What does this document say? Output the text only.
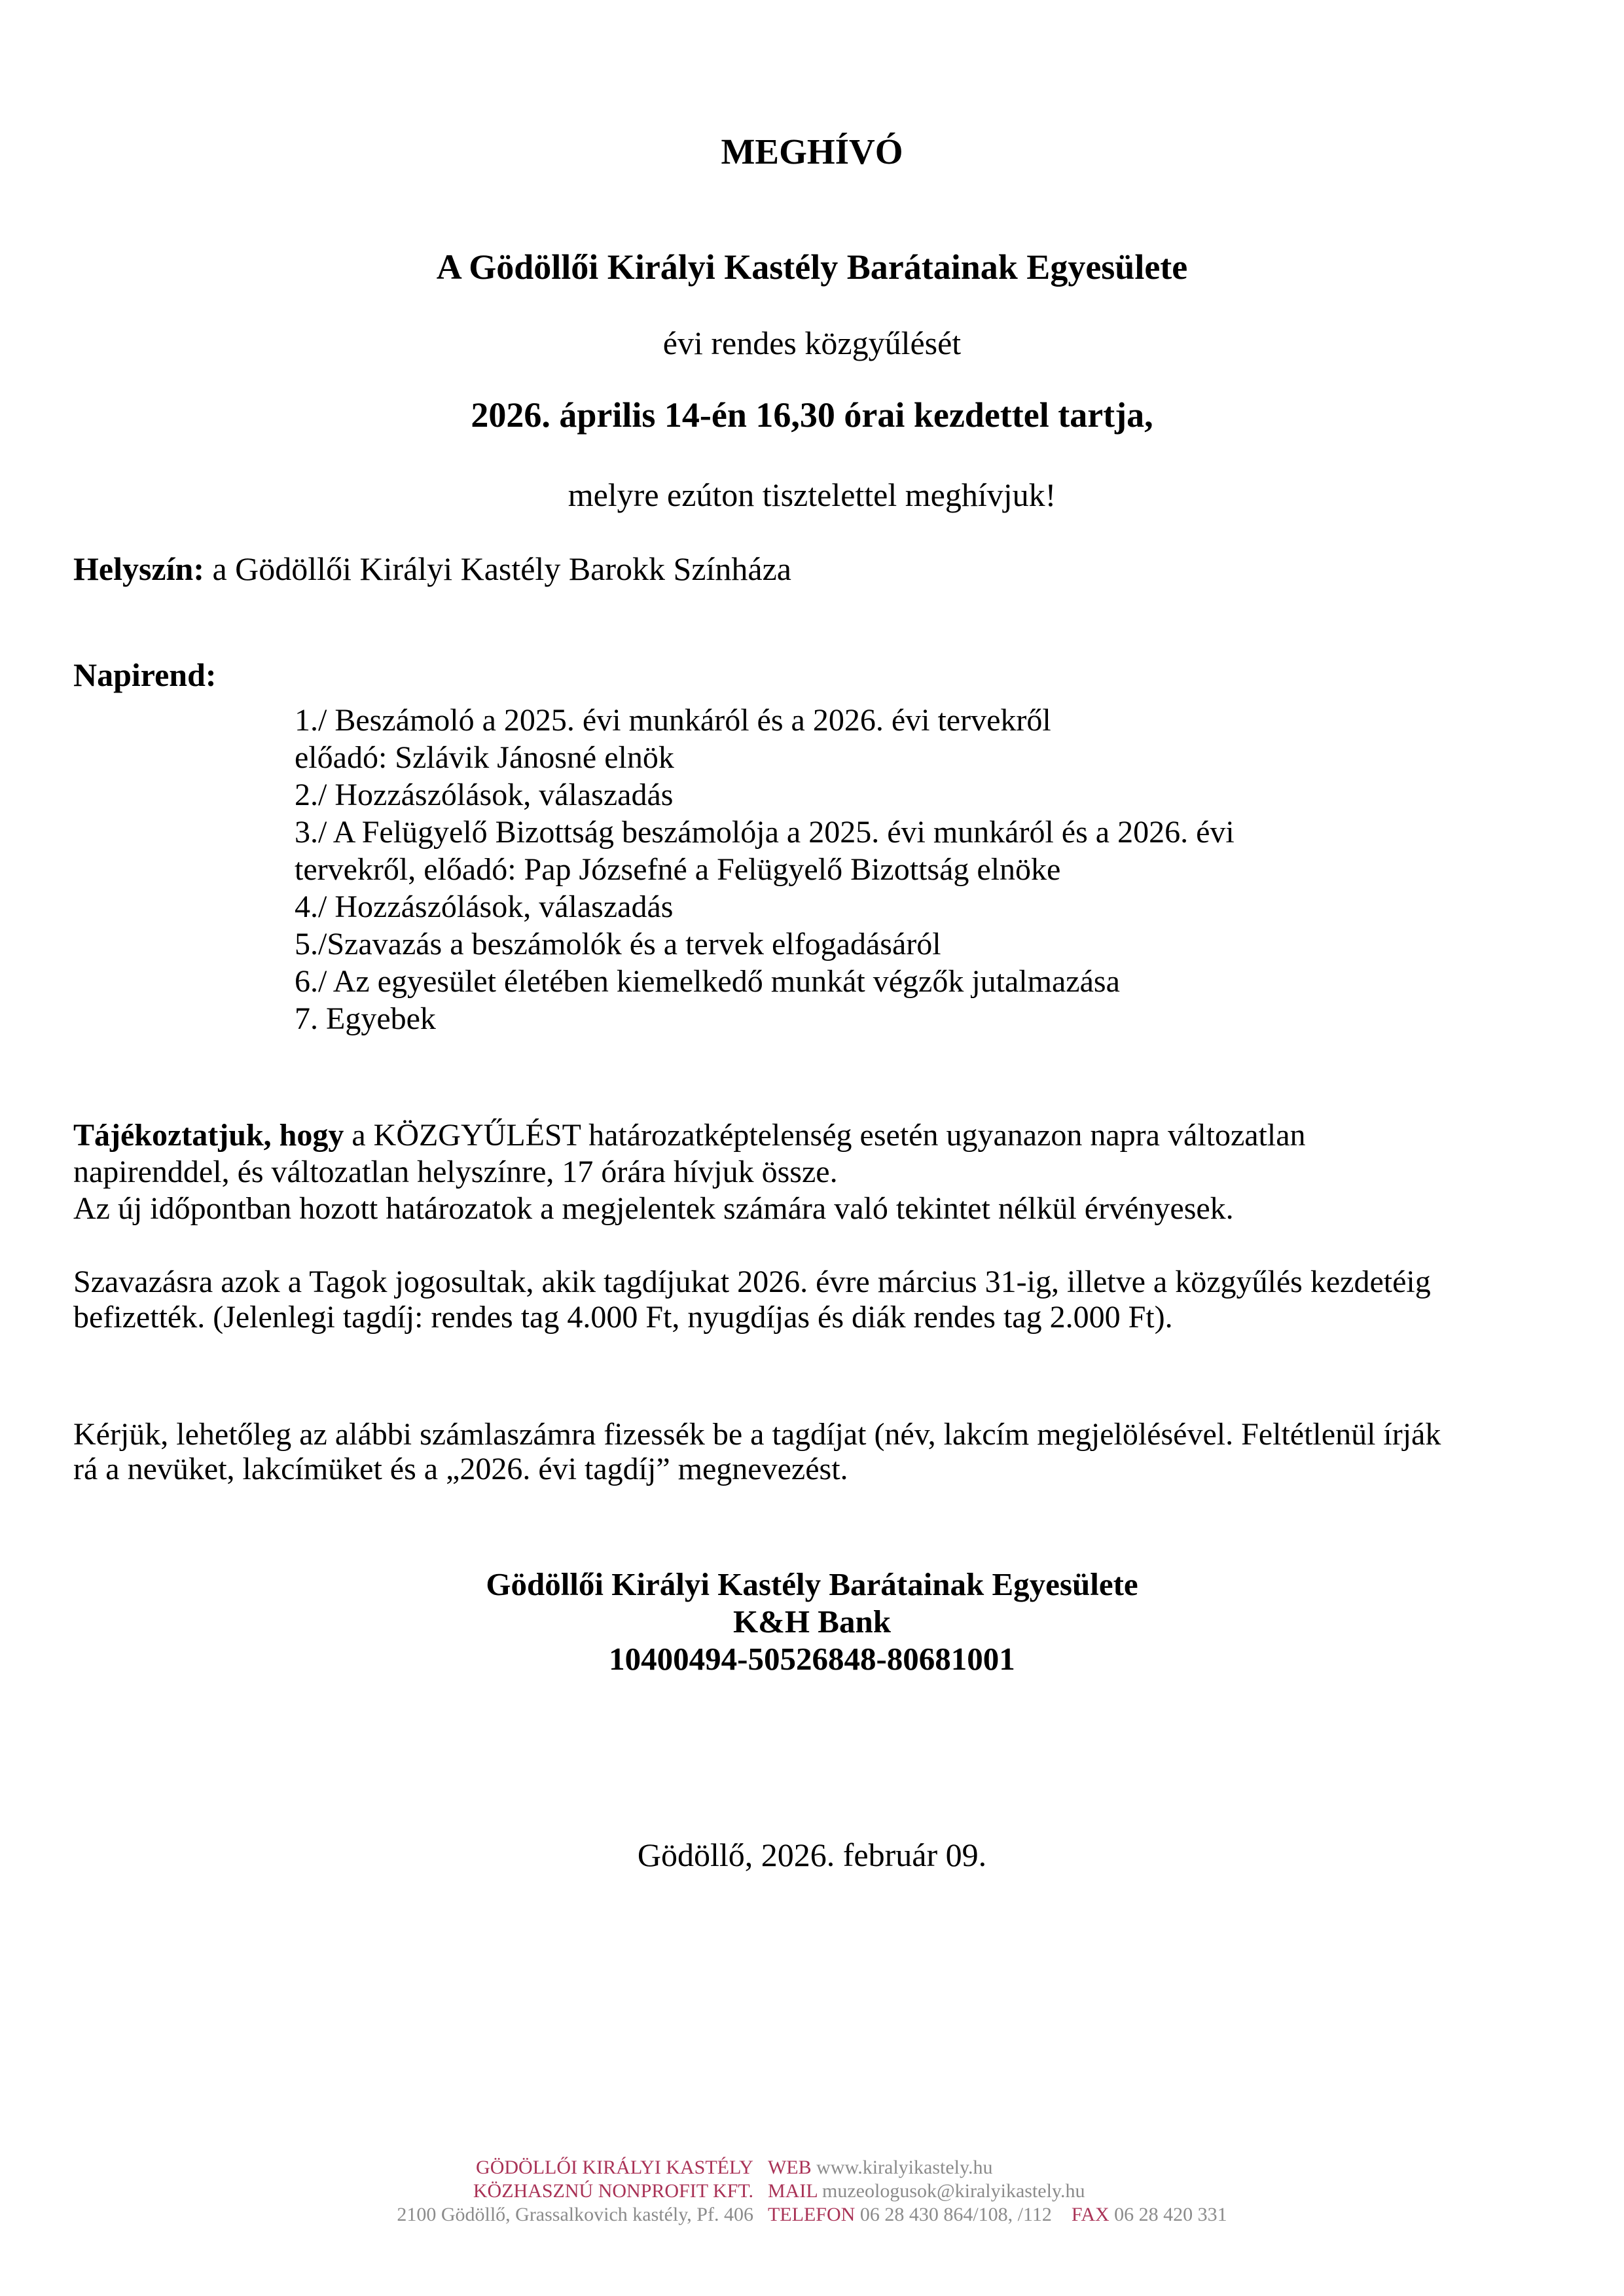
MEGHÍVÓ
A Gödöllői Királyi Kastély Barátainak Egyesülete
évi rendes közgyűlését
2026. április 14-én 16,30 órai kezdettel tartja,
melyre ezúton tisztelettel meghívjuk!
Helyszín: a Gödöllői Királyi Kastély Barokk Színháza
Napirend:
1./ Beszámoló a 2025. évi munkáról és a 2026. évi tervekről
előadó: Szlávik Jánosné elnök
2./ Hozzászólások, válaszadás
3./ A Felügyelő Bizottság beszámolója a 2025. évi munkáról és a 2026. évi
tervekről, előadó: Pap Józsefné a Felügyelő Bizottság elnöke
4./ Hozzászólások, válaszadás
5./Szavazás a beszámolók és a tervek elfogadásáról
6./ Az egyesület életében kiemelkedő munkát végzők jutalmazása
7. Egyebek
Tájékoztatjuk, hogy a KÖZGYŰLÉST határozatképtelenség esetén ugyanazon napra változatlan
napirenddel, és változatlan helyszínre, 17 órára hívjuk össze.
Az új időpontban hozott határozatok a megjelentek számára való tekintet nélkül érvényesek.
Szavazásra azok a Tagok jogosultak, akik tagdíjukat 2026. évre március 31-ig, illetve a közgyűlés kezdetéig
befizették. (Jelenlegi tagdíj: rendes tag 4.000 Ft, nyugdíjas és diák rendes tag 2.000 Ft).
Kérjük, lehetőleg az alábbi számlaszámra fizessék be a tagdíjat (név, lakcím megjelölésével. Feltétlenül írják
rá a nevüket, lakcímüket és a „2026. évi tagdíj” megnevezést.
Gödöllői Királyi Kastély Barátainak Egyesülete
K&H Bank
10400494-50526848-80681001
Gödöllő, 2026. február 09.
GÖDÖLLŐI KIRÁLYI KASTÉLY
KÖZHASZNÚ NONPROFIT KFT.
2100 Gödöllő, Grassalkovich kastély, Pf. 406
WEB www.kiralyikastely.hu
MAIL muzeologusok@kiralyikastely.hu
TELEFON 06 28 430 864/108, /112 FAX 06 28 420 331
